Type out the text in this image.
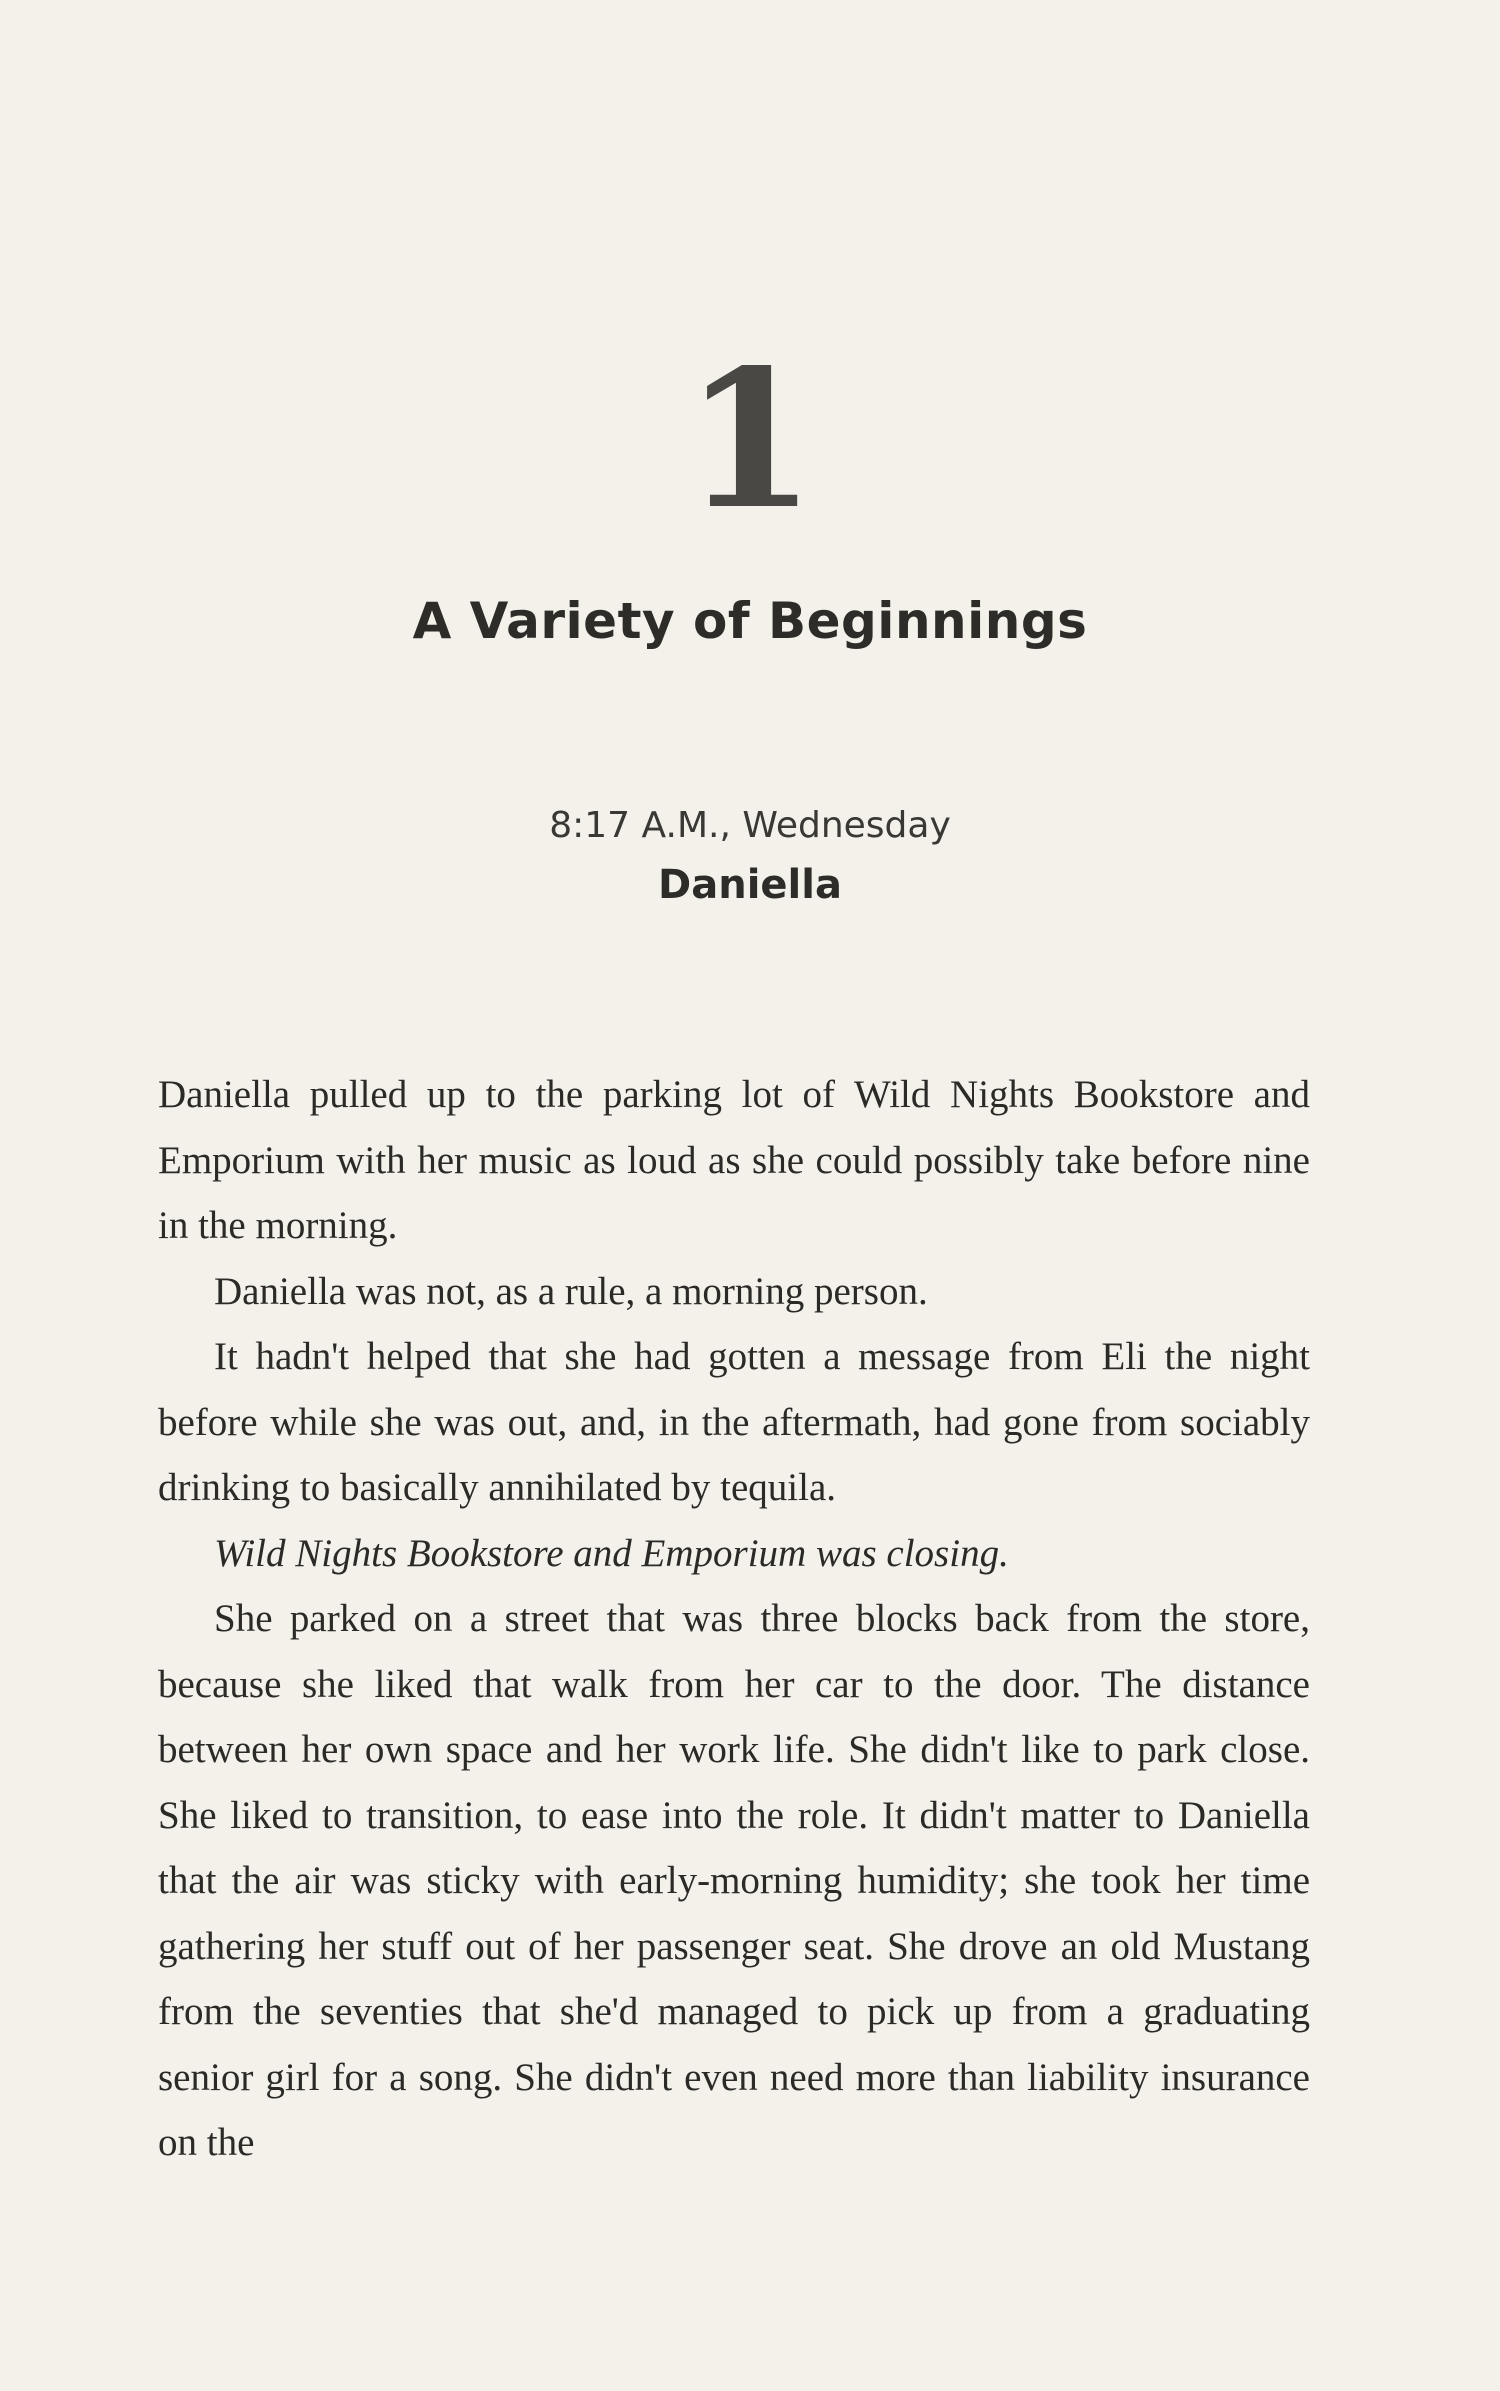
1
A Variety of Beginnings
8:17 A.M., Wednesday
Daniella

Daniella pulled up to the parking lot of Wild Nights Bookstore and Emporium with her music as loud as she could possibly take before nine in the morning.

Daniella was not, as a rule, a morning person.

It hadn't helped that she had gotten a message from Eli the night before while she was out, and, in the aftermath, had gone from sociably drinking to basically annihilated by tequila.

Wild Nights Bookstore and Emporium was closing.

She parked on a street that was three blocks back from the store, because she liked that walk from her car to the door. The distance between her own space and her work life. She didn't like to park close. She liked to transition, to ease into the role. It didn't matter to Daniella that the air was sticky with early-morning humidity; she took her time gathering her stuff out of her passenger seat. She drove an old Mustang from the seventies that she'd managed to pick up from a graduating senior girl for a song. She didn't even need more than liability insurance on the
